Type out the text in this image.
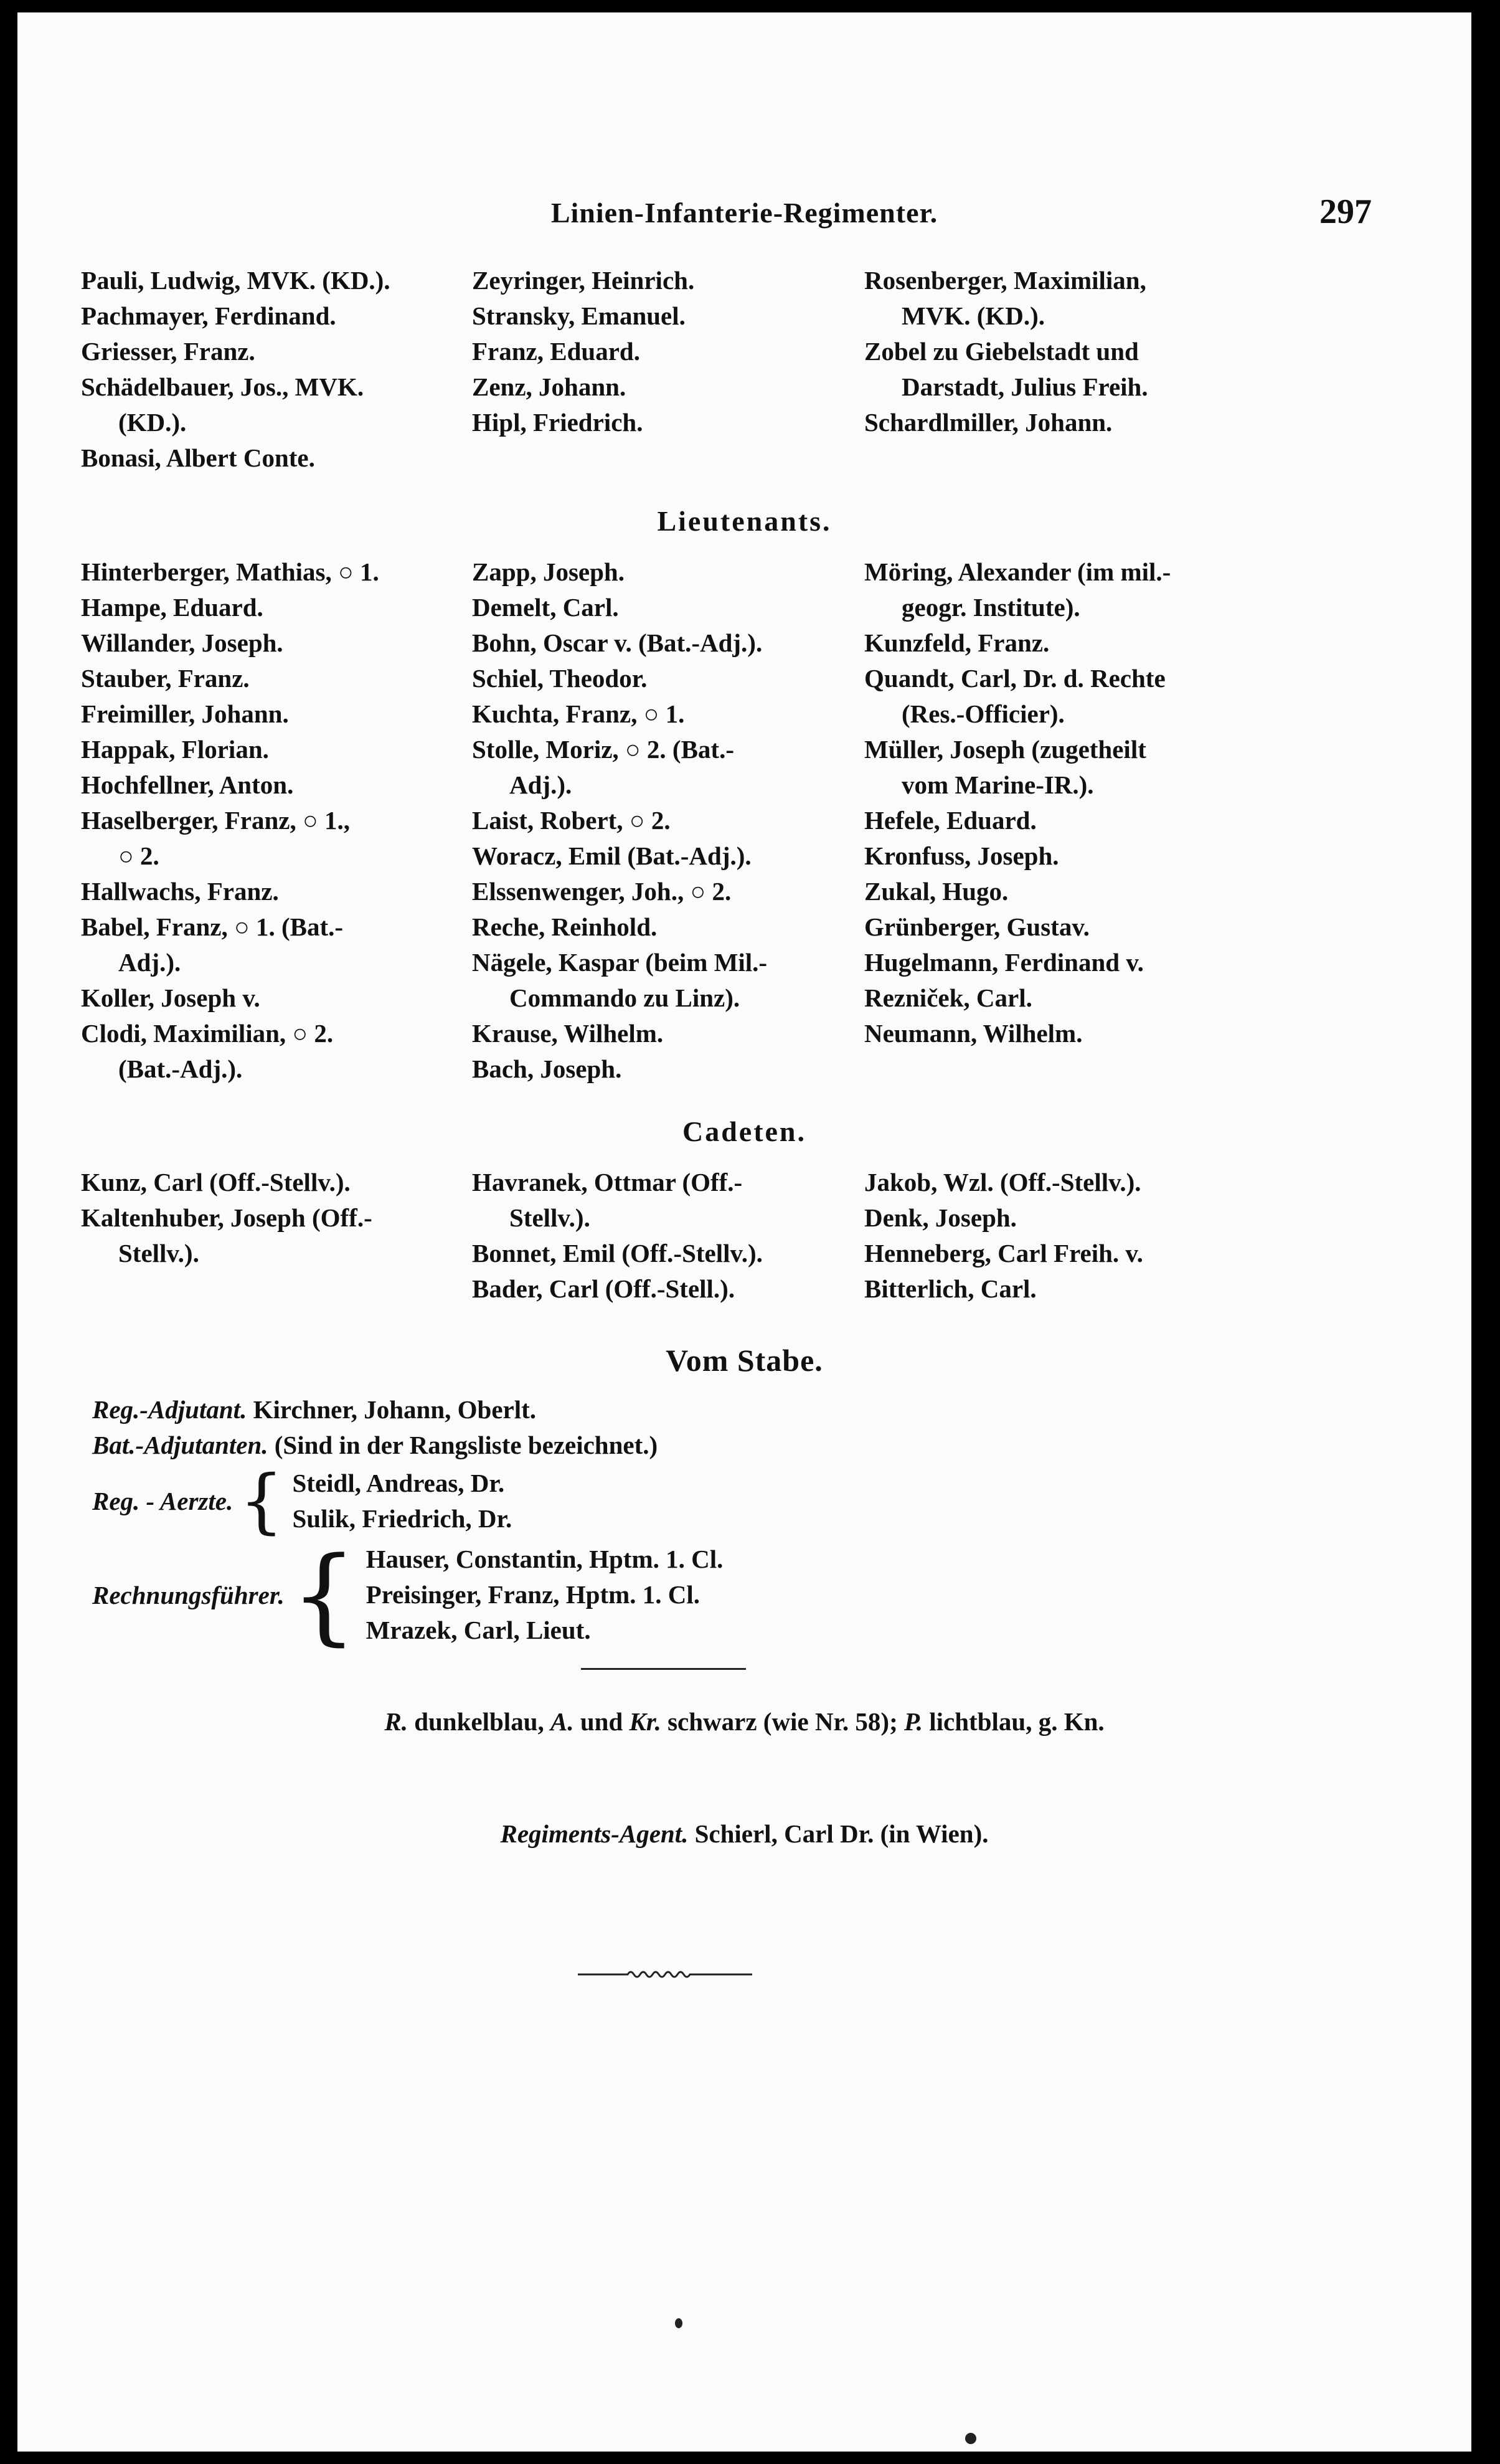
Linien-Infanterie-Regimenter.	297
Pauli, Ludwig, MVK. (KD.).
Pachmayer, Ferdinand.
Griesser, Franz.
Schädelbauer, Jos., MVK.
(KD.).
Bonasi, Albert Conte.
Zeyringer, Heinrich.
Stransky, Emanuel.
Franz, Eduard.
Zenz, Johann.
Hipl, Friedrich.
Rosenberger, Maximilian,
MVK. (KD.).
Zobel zu Giebelstadt und
Darstadt, Julius Freih.
Schardlmiller, Johann.
Lieutenants.
Hinterberger, Mathias, ○ 1.
Hampe, Eduard.
Willander, Joseph.
Stauber, Franz.
Freimiller, Johann.
Happak, Florian.
Hochfellner, Anton.
Haselberger, Franz, ○ 1.,
○ 2.
Hallwachs, Franz.
Babel, Franz, ○ 1. (Bat.-
Adj.).
Koller, Joseph v.
Clodi, Maximilian, ○ 2.
(Bat.-Adj.).
Zapp, Joseph.
Demelt, Carl.
Bohn, Oscar v. (Bat.-Adj.).
Schiel, Theodor.
Kuchta, Franz, ○ 1.
Stolle, Moriz, ○ 2. (Bat.-
Adj.).
Laist, Robert, ○ 2.
Woracz, Emil (Bat.-Adj.).
Elssenwenger, Joh., ○ 2.
Reche, Reinhold.
Nägele, Kaspar (beim Mil.-
Commando zu Linz).
Krause, Wilhelm.
Bach, Joseph.
Möring, Alexander (im mil.-
geogr. Institute).
Kunzfeld, Franz.
Quandt, Carl, Dr. d. Rechte
(Res.-Officier).
Müller, Joseph (zugetheilt
vom Marine-IR.).
Hefele, Eduard.
Kronfuss, Joseph.
Zukal, Hugo.
Grünberger, Gustav.
Hugelmann, Ferdinand v.
Rezniček, Carl.
Neumann, Wilhelm.
Cadeten.
Kunz, Carl (Off.-Stellv.).
Kaltenhuber, Joseph (Off.-
Stellv.).
Havranek, Ottmar (Off.-
Stellv.).
Bonnet, Emil (Off.-Stellv.).
Bader, Carl (Off.-Stell.).
Jakob, Wzl. (Off.-Stellv.).
Denk, Joseph.
Henneberg, Carl Freih. v.
Bitterlich, Carl.
Vom Stabe.
Reg.-Adjutant. Kirchner, Johann, Oberlt.
Bat.-Adjutanten. (Sind in der Rangsliste bezeichnet.)
Reg. - Aerzte. { Steidl, Andreas, Dr.
Sulik, Friedrich, Dr.
Rechnungsführer. { Hauser, Constantin, Hptm. 1. Cl.
Preisinger, Franz, Hptm. 1. Cl.
Mrazek, Carl, Lieut.
R. dunkelblau, A. und Kr. schwarz (wie Nr. 58); P. lichtblau, g. Kn.
Regiments-Agent. Schierl, Carl Dr. (in Wien).
